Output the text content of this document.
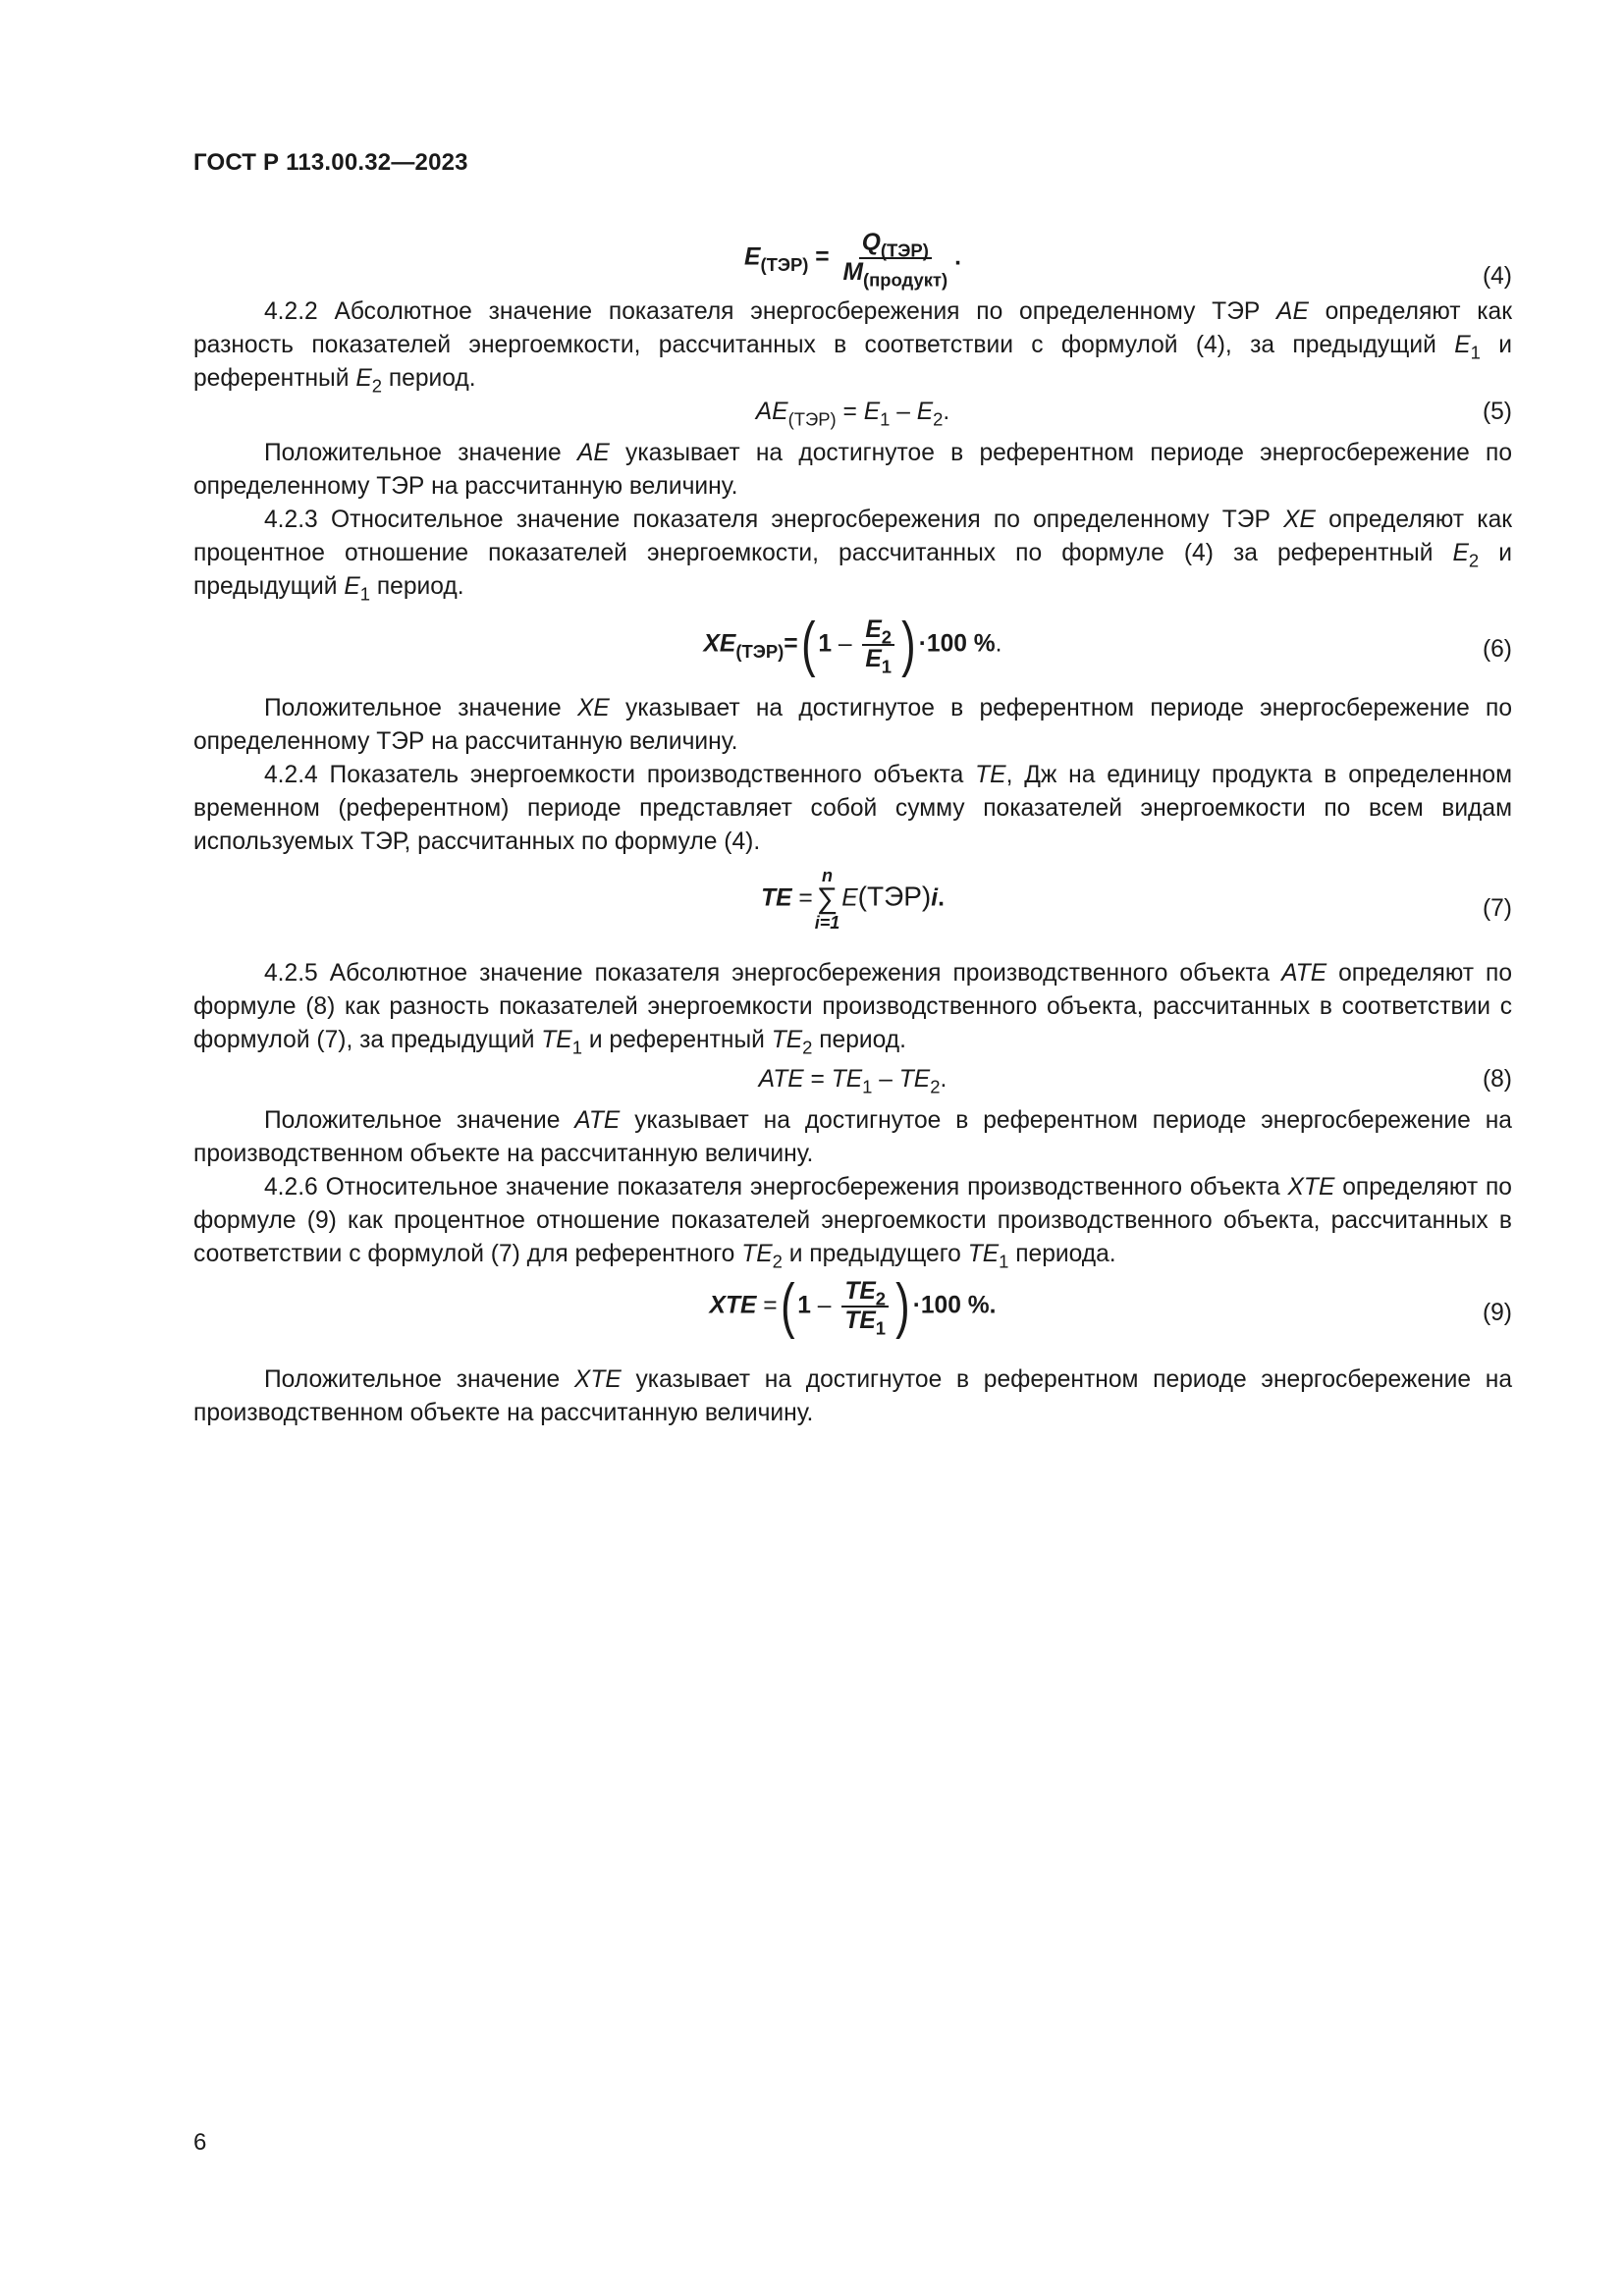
ГОСТ Р 113.00.32—2023
$E_{(ТЭР)} = \frac{Q_{(ТЭР)}}{M_{(продукт)}}$ .
(4)

4.2.2 Абсолютное значение показателя энергосбережения по определенному ТЭР AE определяют как разность показателей энергоемкости, рассчитанных в соответствии с формулой (4), за предыдущий $E_1$ и референтный $E_2$ период.

$AE_{(ТЭР)} = E_1 - E_2$.	(5)

Положительное значение AE указывает на достигнутое в референтном периоде энергосбережение по определенному ТЭР на рассчитанную величину.

4.2.3 Относительное значение показателя энергосбережения по определенному ТЭР XE определяют как процентное отношение показателей энергоемкости, рассчитанных по формуле (4) за референтный $E_2$ и предыдущий $E_1$ период.

$XE_{(ТЭР)}=$( $1 - \frac{E_2}{E_1}$ ) ·100 %.	(6)

Положительное значение XE указывает на достигнутое в референтном периоде энергосбережение по определенному ТЭР на рассчитанную величину.

4.2.4 Показатель энергоемкости производственного объекта TE, Дж на единицу продукта в определенном временном (референтном) периоде представляет собой сумму показателей энергоемкости по всем видам используемых ТЭР, рассчитанных по формуле (4).

TE =
n
∑
i=1
E(ТЭР)i.	(7)

4.2.5 Абсолютное значение показателя энергосбережения производственного объекта ATE определяют по формуле (8) как разность показателей энергоемкости производственного объекта, рассчитанных в соответствии с формулой (7), за предыдущий $TE_1$ и референтный $TE_2$ период.

ATE = $TE_1 - TE_2$.	(8)

Положительное значение ATE указывает на достигнутое в референтном периоде энергосбережение на производственном объекте на рассчитанную величину.

4.2.6 Относительное значение показателя энергосбережения производственного объекта XTE определяют по формуле (9) как процентное отношение показателей энергоемкости производственного объекта, рассчитанных в соответствии с формулой (7) для референтного $TE_2$ и предыдущего $TE_1$ периода.

XTE =( $1 - \frac{TE_2}{TE_1}$ ) ·100 %.	(9)

Положительное значение XTE указывает на достигнутое в референтном периоде энергосбережение на производственном объекте на рассчитанную величину.

6
